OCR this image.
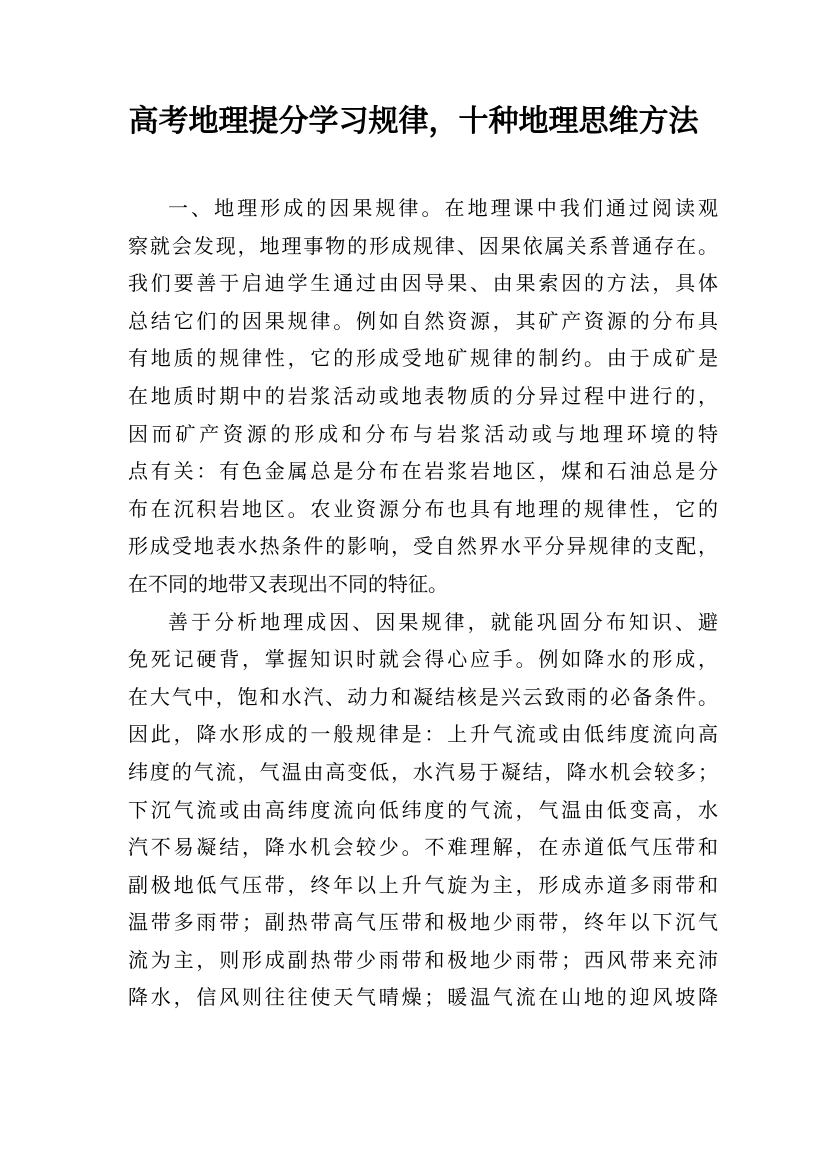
高考地理提分学习规律，十种地理思维方法
一、地理形成的因果规律。在地理课中我们通过阅读观
察就会发现，地理事物的形成规律、因果依属关系普通存在。
我们要善于启迪学生通过由因导果、由果索因的方法，具体
总结它们的因果规律。例如自然资源，其矿产资源的分布具
有地质的规律性，它的形成受地矿规律的制约。由于成矿是
在地质时期中的岩浆活动或地表物质的分异过程中进行的，
因而矿产资源的形成和分布与岩浆活动或与地理环境的特
点有关：有色金属总是分布在岩浆岩地区，煤和石油总是分
布在沉积岩地区。农业资源分布也具有地理的规律性，它的
形成受地表水热条件的影响，受自然界水平分异规律的支配，
在不同的地带又表现出不同的特征。
善于分析地理成因、因果规律，就能巩固分布知识、避
免死记硬背，掌握知识时就会得心应手。例如降水的形成，
在大气中，饱和水汽、动力和凝结核是兴云致雨的必备条件。
因此，降水形成的一般规律是：上升气流或由低纬度流向高
纬度的气流，气温由高变低，水汽易于凝结，降水机会较多；
下沉气流或由高纬度流向低纬度的气流，气温由低变高，水
汽不易凝结，降水机会较少。不难理解，在赤道低气压带和
副极地低气压带，终年以上升气旋为主，形成赤道多雨带和
温带多雨带；副热带高气压带和极地少雨带，终年以下沉气
流为主，则形成副热带少雨带和极地少雨带；西风带来充沛
降水，信风则往往使天气晴燥；暖温气流在山地的迎风坡降
